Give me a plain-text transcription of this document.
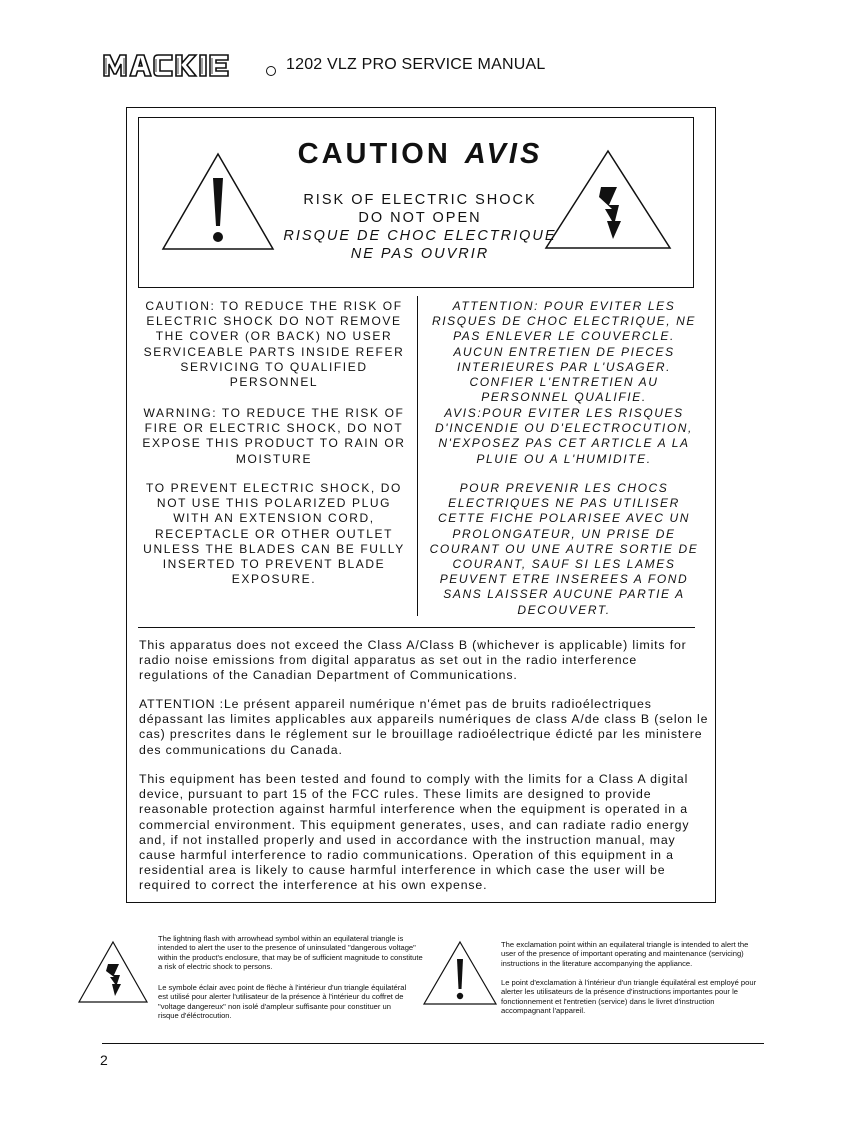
1202 VLZ PRO SERVICE MANUAL
CAUTION AVIS
RISK OF ELECTRIC SHOCK
DO NOT OPEN
RISQUE DE CHOC ELECTRIQUE
NE PAS OUVRIR

CAUTION: TO REDUCE THE RISK OF ELECTRIC SHOCK DO NOT REMOVE THE COVER (OR BACK) NO USER SERVICEABLE PARTS INSIDE REFER SERVICING TO QUALIFIED PERSONNEL

WARNING: TO REDUCE THE RISK OF FIRE OR ELECTRIC SHOCK, DO NOT EXPOSE THIS PRODUCT TO RAIN OR MOISTURE

TO PREVENT ELECTRIC SHOCK, DO NOT USE THIS POLARIZED PLUG WITH AN EXTENSION CORD, RECEPTACLE OR OTHER OUTLET UNLESS THE BLADES CAN BE FULLY INSERTED TO PREVENT BLADE EXPOSURE.

ATTENTION: POUR EVITER LES RISQUES DE CHOC ELECTRIQUE, NE PAS ENLEVER LE COUVERCLE. AUCUN ENTRETIEN DE PIECES INTERIEURES PAR L'USAGER. CONFIER L'ENTRETIEN AU PERSONNEL QUALIFIE.

AVIS:POUR EVITER LES RISQUES D'INCENDIE OU D'ELECTROCUTION, N'EXPOSEZ PAS CET ARTICLE A LA PLUIE OU A L'HUMIDITE.

POUR PREVENIR LES CHOCS ELECTRIQUES NE PAS UTILISER CETTE FICHE POLARISEE AVEC UN PROLONGATEUR, UN PRISE DE COURANT OU UNE AUTRE SORTIE DE COURANT, SAUF SI LES LAMES PEUVENT ETRE INSEREES A FOND SANS LAISSER AUCUNE PARTIE A DECOUVERT.

This apparatus does not exceed the Class A/Class B (whichever is applicable) limits for radio noise emissions from digital apparatus as set out in the radio interference regulations of the Canadian Department of Communications.

ATTENTION :Le présent appareil numérique n'émet pas de bruits radioélectriques dépassant las limites applicables aux appareils numériques de class A/de class B (selon le cas) prescrites dans le réglement sur le brouillage radioélectrique édicté par les ministere des communications du Canada.

This equipment has been tested and found to comply with the limits for a Class A digital device, pursuant to part 15 of the FCC rules. These limits are designed to provide reasonable protection against harmful interference when the equipment is operated in a commercial environment. This equipment generates, uses, and can radiate radio energy and, if not installed properly and used in accordance with the instruction manual, may cause harmful interference to radio communications. Operation of this equipment in a residential area is likely to cause harmful interference in which case the user will be required to correct the interference at his own expense.

The lightning flash with arrowhead symbol within an equilateral triangle is intended to alert the user to the presence of uninsulated "dangerous voltage" within the product's enclosure, that may be of sufficient magnitude to constitute a risk of electric shock to persons.

Le symbole éclair avec point de flèche à l'intérieur d'un triangle équilatéral est utilisé pour alerter l'utilisateur de la présence à l'intérieur du coffret de "voltage dangereux" non isolé d'ampleur suffisante pour constituer un risque d'éléctrocution.

The exclamation point within an equilateral triangle is intended to alert the user of the presence of important operating and maintenance (servicing) instructions in the literature accompanying the appliance.

Le point d'exclamation à l'intérieur d'un triangle équilatéral est employé pour alerter les utilisateurs de la présence d'instructions importantes pour le fonctionnement et l'entretien (service) dans le livret d'instruction accompagnant l'appareil.

2
